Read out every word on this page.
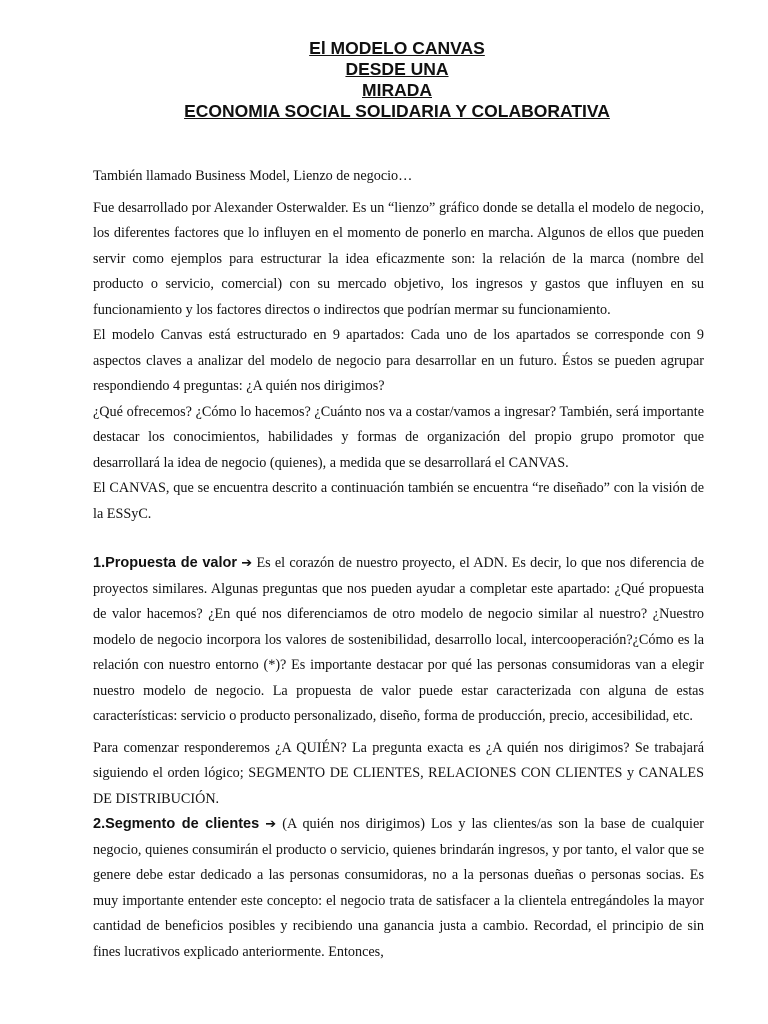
El MODELO CANVAS
DESDE UNA
MIRADA
ECONOMIA SOCIAL SOLIDARIA Y COLABORATIVA

También llamado Business Model, Lienzo de negocio…

Fue desarrollado por Alexander Osterwalder. Es un “lienzo” gráfico donde se detalla el modelo de negocio, los diferentes factores que lo influyen en el momento de ponerlo en marcha. Algunos de ellos que pueden servir como ejemplos para estructurar la idea eficazmente son: la relación de la marca (nombre del producto o servicio, comercial) con su mercado objetivo, los ingresos y gastos que influyen en su funcionamiento y los factores directos o indirectos que podrían mermar su funcionamiento.

El modelo Canvas está estructurado en 9 apartados: Cada uno de los apartados se corresponde con 9 aspectos claves a analizar del modelo de negocio para desarrollar en un futuro. Éstos se pueden agrupar respondiendo 4 preguntas: ¿A quién nos dirigimos?

¿Qué ofrecemos? ¿Cómo lo hacemos? ¿Cuánto nos va a costar/vamos a ingresar? También, será importante destacar los conocimientos, habilidades y formas de organización del propio grupo promotor que desarrollará la idea de negocio (quienes), a medida que se desarrollará el CANVAS.

El CANVAS, que se encuentra descrito a continuación también se encuentra “re diseñado” con la visión de la ESSyC.

1.Propuesta de valor ➔ Es el corazón de nuestro proyecto, el ADN. Es decir, lo que nos diferencia de proyectos similares. Algunas preguntas que nos pueden ayudar a completar este apartado: ¿Qué propuesta de valor hacemos? ¿En qué nos diferenciamos de otro modelo de negocio similar al nuestro? ¿Nuestro modelo de negocio incorpora los valores de sostenibilidad, desarrollo local, intercooperación?¿Cómo es la relación con nuestro entorno (*)? Es importante destacar por qué las personas consumidoras van a elegir nuestro modelo de negocio. La propuesta de valor puede estar caracterizada con alguna de estas características: servicio o producto personalizado, diseño, forma de producción, precio, accesibilidad, etc.

Para comenzar responderemos ¿A QUIÉN? La pregunta exacta es ¿A quién nos dirigimos? Se trabajará siguiendo el orden lógico; SEGMENTO DE CLIENTES, RELACIONES CON CLIENTES y CANALES DE DISTRIBUCIÓN.

2.Segmento de clientes ➔ (A quién nos dirigimos) Los y las clientes/as son la base de cualquier negocio, quienes consumirán el producto o servicio, quienes brindarán ingresos, y por tanto, el valor que se genere debe estar dedicado a las personas consumidoras, no a la personas dueñas o personas socias. Es muy importante entender este concepto: el negocio trata de satisfacer a la clientela entregándoles la mayor cantidad de beneficios posibles y recibiendo una ganancia justa a cambio. Recordad, el principio de sin fines lucrativos explicado anteriormente. Entonces,
